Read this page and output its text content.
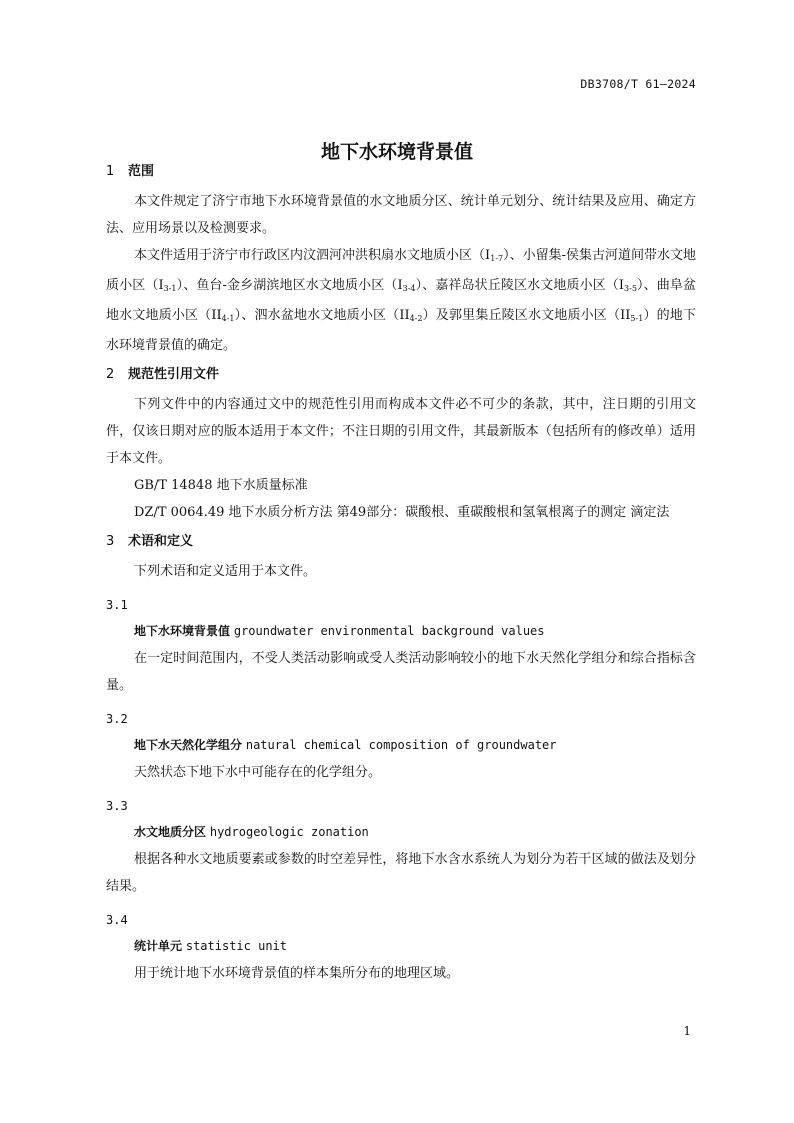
DB3708/T 61—2024
地下水环境背景值
1 范围

本文件规定了济宁市地下水环境背景值的水文地质分区、统计单元划分、统计结果及应用、确定方法、应用场景以及检测要求。

本文件适用于济宁市行政区内汶泗河冲洪积扇水文地质小区$(I_{1-7})$、小留集-侯集古河道间带水文地质小区$(I_{3-1})$、鱼台-金乡湖滨地区水文地质小区$(I_{3-4})$、嘉祥岛状丘陵区水文地质小区$(I_{3-5})$、曲阜盆地水文地质小区$(II_{4-1})$、泗水盆地水文地质小区$(II_{4-2})$及郭里集丘陵区水文地质小区$(II_{5-1})$的地下水环境背景值的确定。

2 规范性引用文件

下列文件中的内容通过文中的规范性引用而构成本文件必不可少的条款，其中，注日期的引用文件，仅该日期对应的版本适用于本文件；不注日期的引用文件，其最新版本（包括所有的修改单）适用于本文件。

GB/T 14848 地下水质量标准

DZ/T 0064.49 地下水质分析方法 第49部分：碳酸根、重碳酸根和氢氧根离子的测定 滴定法

3 术语和定义

下列术语和定义适用于本文件。

3.1
地下水环境背景值 groundwater environmental background values

在一定时间范围内，不受人类活动影响或受人类活动影响较小的地下水天然化学组分和综合指标含量。

3.2
地下水天然化学组分 natural chemical composition of groundwater

天然状态下地下水中可能存在的化学组分。

3.3
水文地质分区 hydrogeologic zonation

根据各种水文地质要素或参数的时空差异性，将地下水含水系统人为划分为若干区域的做法及划分结果。

3.4
统计单元 statistic unit

用于统计地下水环境背景值的样本集所分布的地理区域。

1
